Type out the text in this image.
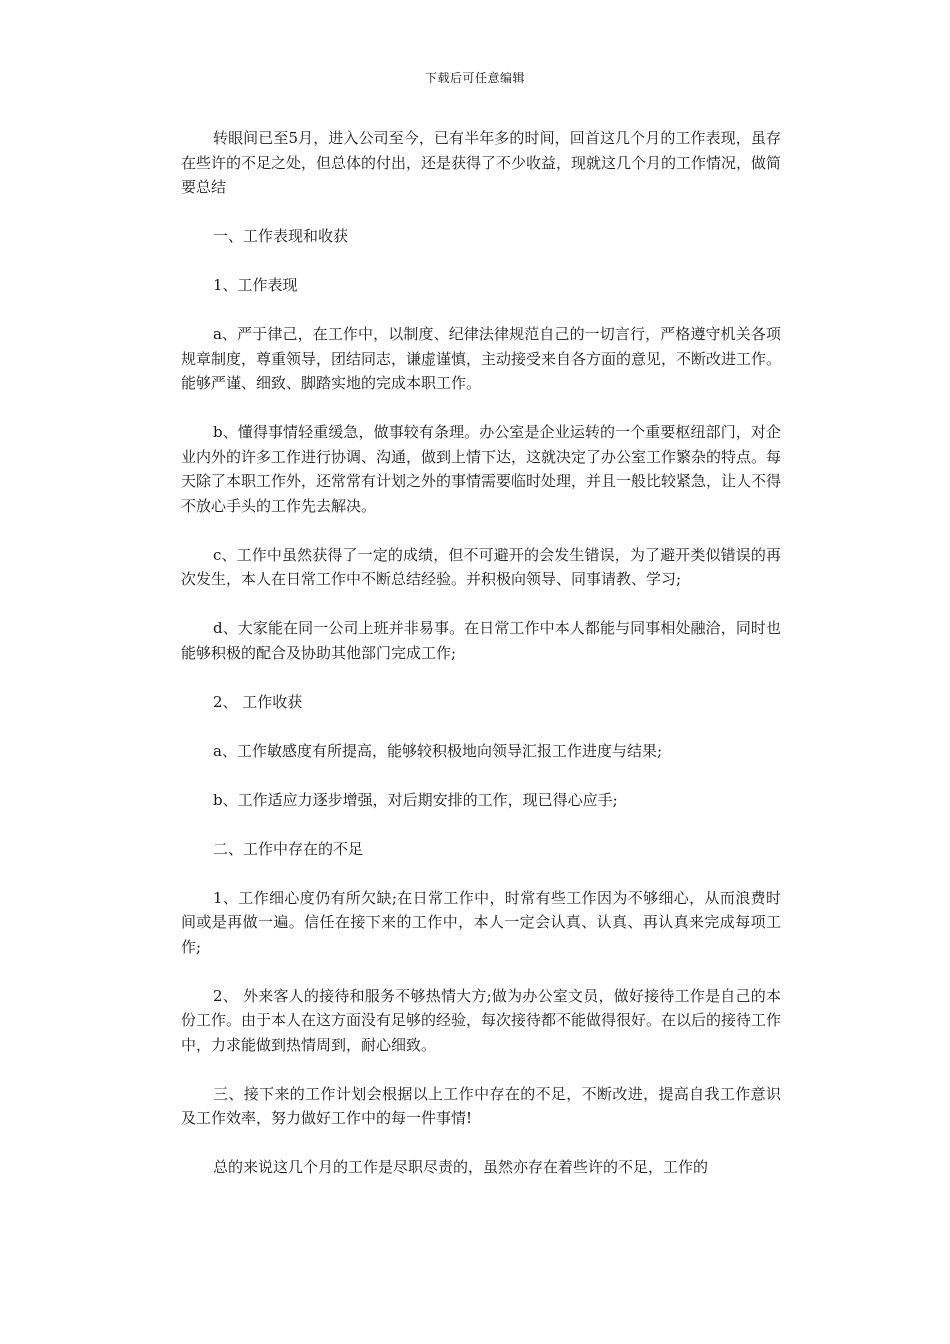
下载后可任意编辑

转眼间已至5月，进入公司至今，已有半年多的时间，回首这几个月的工作表现，虽存在些许的不足之处，但总体的付出，还是获得了不少收益，现就这几个月的工作情况，做简要总结

一、工作表现和收获

1、工作表现

a、严于律己，在工作中，以制度、纪律法律规范自己的一切言行，严格遵守机关各项规章制度，尊重领导，团结同志，谦虚谨慎，主动接受来自各方面的意见，不断改进工作。能够严谨、细致、脚踏实地的完成本职工作。

b、懂得事情轻重缓急，做事较有条理。办公室是企业运转的一个重要枢纽部门，对企业内外的许多工作进行协调、沟通，做到上情下达，这就决定了办公室工作繁杂的特点。每天除了本职工作外，还常常有计划之外的事情需要临时处理，并且一般比较紧急，让人不得不放心手头的工作先去解决。

c、工作中虽然获得了一定的成绩，但不可避开的会发生错误，为了避开类似错误的再次发生，本人在日常工作中不断总结经验。并积极向领导、同事请教、学习;

d、大家能在同一公司上班并非易事。在日常工作中本人都能与同事相处融洽，同时也能够积极的配合及协助其他部门完成工作;

2、 工作收获

a、工作敏感度有所提高，能够较积极地向领导汇报工作进度与结果;

b、工作适应力逐步增强，对后期安排的工作，现已得心应手;

二、工作中存在的不足

1、工作细心度仍有所欠缺;在日常工作中，时常有些工作因为不够细心，从而浪费时间或是再做一遍。信任在接下来的工作中，本人一定会认真、认真、再认真来完成每项工作;

2、 外来客人的接待和服务不够热情大方;做为办公室文员，做好接待工作是自己的本份工作。由于本人在这方面没有足够的经验，每次接待都不能做得很好。在以后的接待工作中，力求能做到热情周到，耐心细致。

三、接下来的工作计划会根据以上工作中存在的不足，不断改进，提高自我工作意识及工作效率，努力做好工作中的每一件事情!

总的来说这几个月的工作是尽职尽责的，虽然亦存在着些许的不足，工作的
